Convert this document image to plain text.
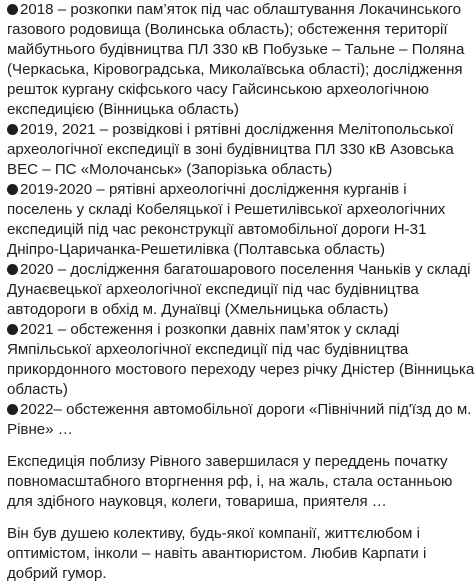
2018 – розкопки пам’яток під час облаштування Локачинського газового родовища (Волинська область); обстеження території майбутнього будівництва ПЛ 330 кВ Побузьке – Тальне – Поляна (Черкаська, Кіровоградська, Миколаївська області); дослідження решток кургану скіфського часу Гайсинською археологічною експедицією (Вінницька область)

2019, 2021 – розвідкові і рятівні дослідження Мелітопольської археологічної експедиції в зоні будівництва ПЛ 330 кВ Азовська ВЕС – ПС «Молочанськ» (Запорізька область)

2019-2020 – рятівні археологічні дослідження курганів і поселень у складі Кобеляцької і Решетилівської археологічних експедицій під час реконструкції автомобільної дороги Н-31 Дніпро-Царичанка-Решетилівка (Полтавська область)

2020 – дослідження багатошарового поселення Чаньків у складі Дунаєвецької археологічної експедиції під час будівництва автодороги в обхід м. Дунаївці (Хмельницька область)

2021 – обстеження і розкопки давніх пам’яток у складі Ямпільської археологічної експедиції під час будівництва прикордонного мостового переходу через річку Дністер (Вінницька область)

2022– обстеження автомобільної дороги «Північний під'їзд до м. Рівне» …

Експедиція поблизу Рівного завершилася у переддень початку повномасштабного вторгнення рф, і, на жаль, стала останньою для здібного науковця, колеги, товариша, приятеля …

Він був душею колективу, будь-якої компанії, життєлюбом і оптимістом, інколи – навіть авантюристом. Любив Карпати і добрий гумор.
